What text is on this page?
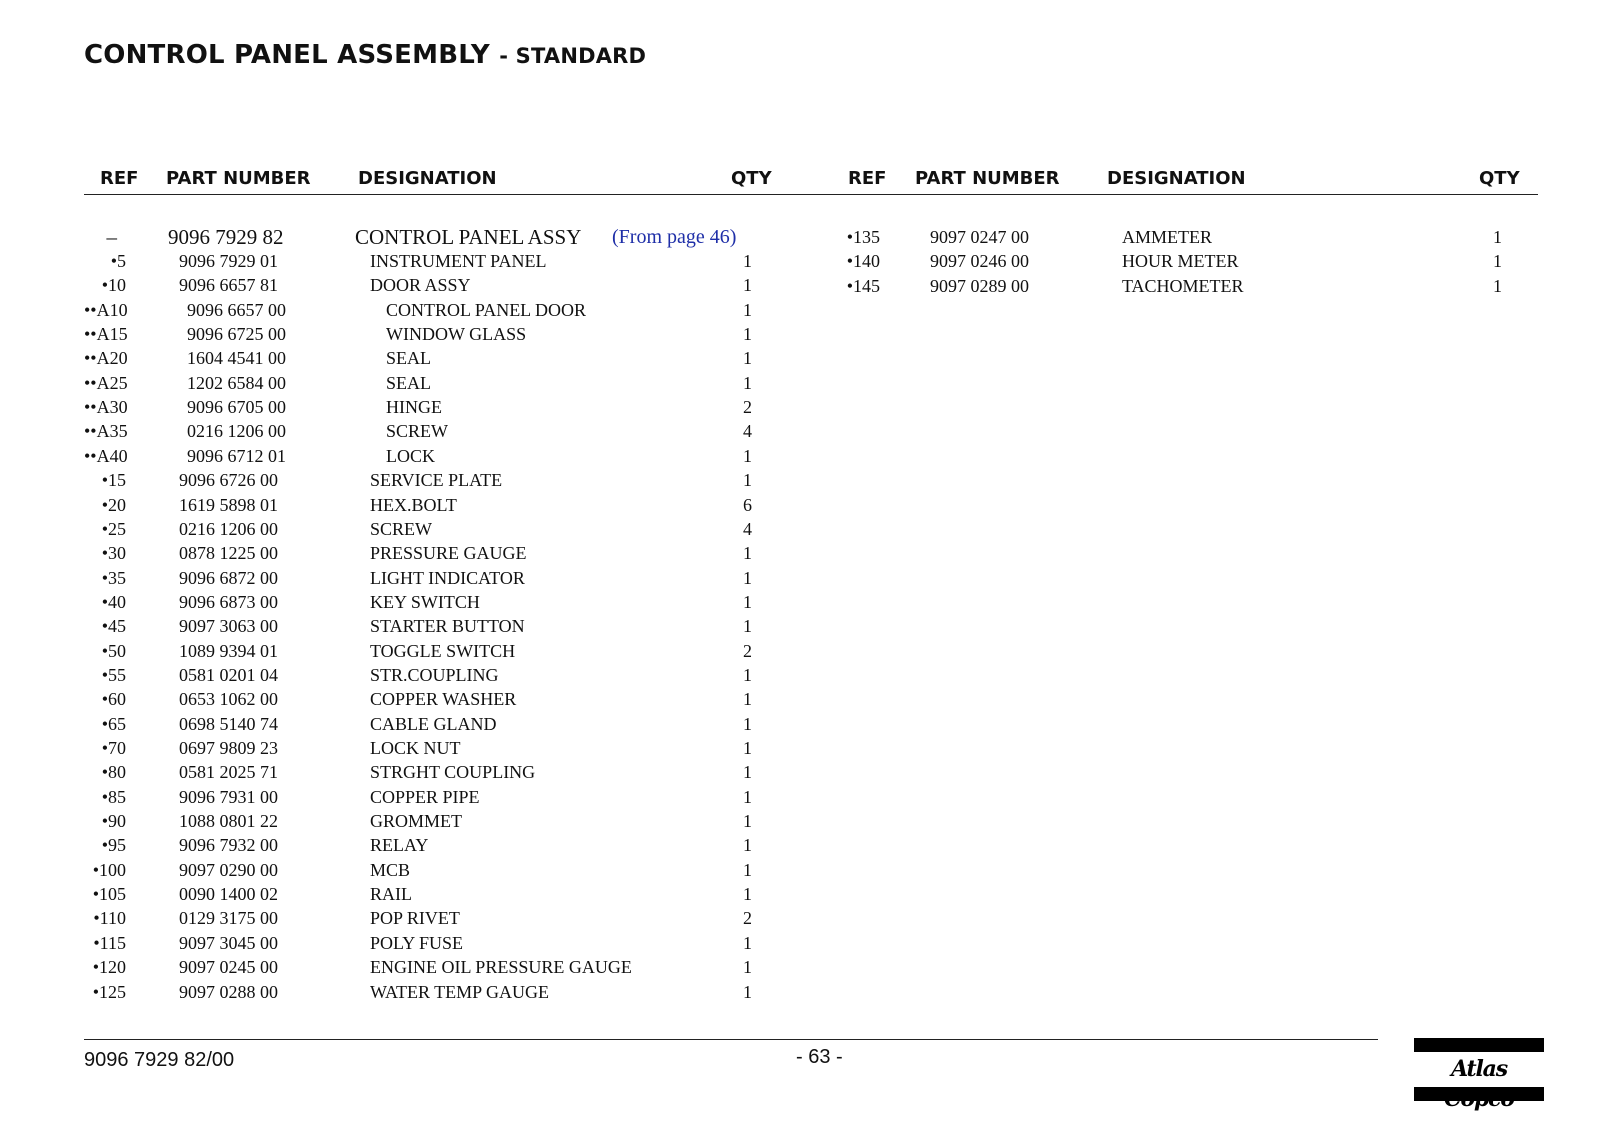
CONTROL PANEL ASSEMBLY - STANDARD
REF PART NUMBER	DESIGNATION	QTY	REF PART NUMBER	DESIGNATION	QTY
– 9096 7929 82	CONTROL PANEL ASSY (From page 46)
•5	9096 7929 01	INSTRUMENT PANEL	1
•10	9096 6657 81	DOOR ASSY	1
••A10	9096 6657 00	CONTROL PANEL DOOR	1
••A15	9096 6725 00	WINDOW GLASS	1
••A20	1604 4541 00	SEAL	1
••A25	1202 6584 00	SEAL	1
••A30	9096 6705 00	HINGE	2
••A35	0216 1206 00	SCREW	4
••A40	9096 6712 01	LOCK	1
•15	9096 6726 00	SERVICE PLATE	1
•20	1619 5898 01	HEX.BOLT	6
•25	0216 1206 00	SCREW	4
•30	0878 1225 00	PRESSURE GAUGE	1
•35	9096 6872 00	LIGHT INDICATOR	1
•40	9096 6873 00	KEY SWITCH	1
•45	9097 3063 00	STARTER BUTTON	1
•50	1089 9394 01	TOGGLE SWITCH	2
•55	0581 0201 04	STR.COUPLING	1
•60	0653 1062 00	COPPER WASHER	1
•65	0698 5140 74	CABLE GLAND	1
•70	0697 9809 23	LOCK NUT	1
•80	0581 2025 71	STRGHT COUPLING	1
•85	9096 7931 00	COPPER PIPE	1
•90	1088 0801 22	GROMMET	1
•95	9096 7932 00	RELAY	1
•100	9097 0290 00	MCB	1
•105	0090 1400 02	RAIL	1
•110	0129 3175 00	POP RIVET	2
•115	9097 3045 00	POLY FUSE	1
•120	9097 0245 00	ENGINE OIL PRESSURE GAUGE	1
•125	9097 0288 00	WATER TEMP GAUGE	1
•135	9097 0247 00	AMMETER	1
•140	9097 0246 00	HOUR METER	1
•145	9097 0289 00	TACHOMETER	1
9096 7929 82/00	- 63 -	Atlas
